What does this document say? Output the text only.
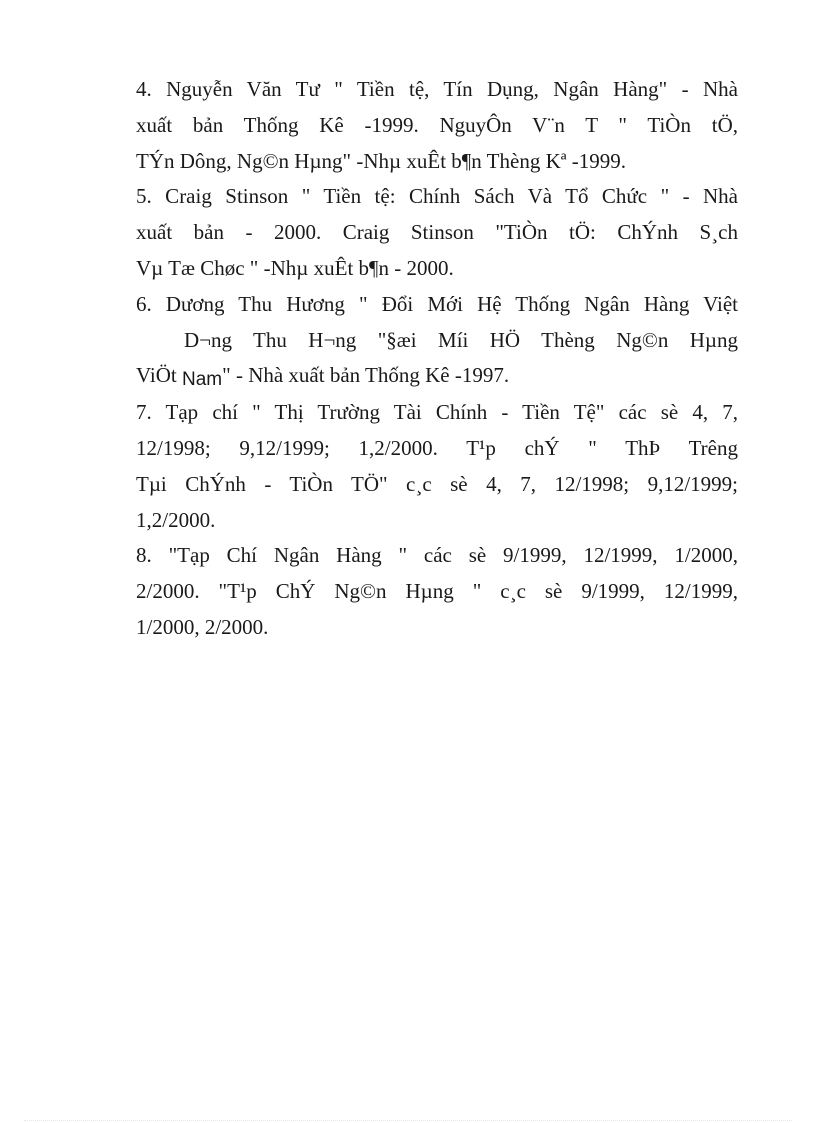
4. Nguyễn Văn Tư " Tiền tệ, Tín Dụng, Ngân Hàng" - Nhà
xuất bản Thống Kê -1999. NguyÔn V¨n T " TiÒn tÖ,
TÝn Dông, Ng©n Hµng" -Nhµ xuÊt b¶n Thèng Kª -1999.

5. Craig Stinson " Tiền tệ: Chính Sách Và Tổ Chức " - Nhà
xuất bản - 2000. Craig Stinson "TiÒn tÖ: ChÝnh S¸ch
Vµ Tæ Chøc " -Nhµ xuÊt b¶n - 2000.

6. Dương Thu Hương " Đổi Mới Hệ Thống Ngân Hàng Việt
D¬ng Thu H¬ng "§æi Míi HÖ Thèng Ng©n Hµng
ViÖt Nam" - Nhà xuất bản Thống Kê -1997.

7. Tạp chí " Thị Trường Tài Chính - Tiền Tệ" các sè 4, 7,
12/1998; 9,12/1999; 1,2/2000. T¹p chÝ " ThÞ Trêng
Tµi ChÝnh - TiÒn TÖ" c¸c sè 4, 7, 12/1998; 9,12/1999;
1,2/2000.

8. "Tạp Chí Ngân Hàng " các sè 9/1999, 12/1999, 1/2000,
2/2000. "T¹p ChÝ Ng©n Hµng " c¸c sè 9/1999, 12/1999,
1/2000, 2/2000.
